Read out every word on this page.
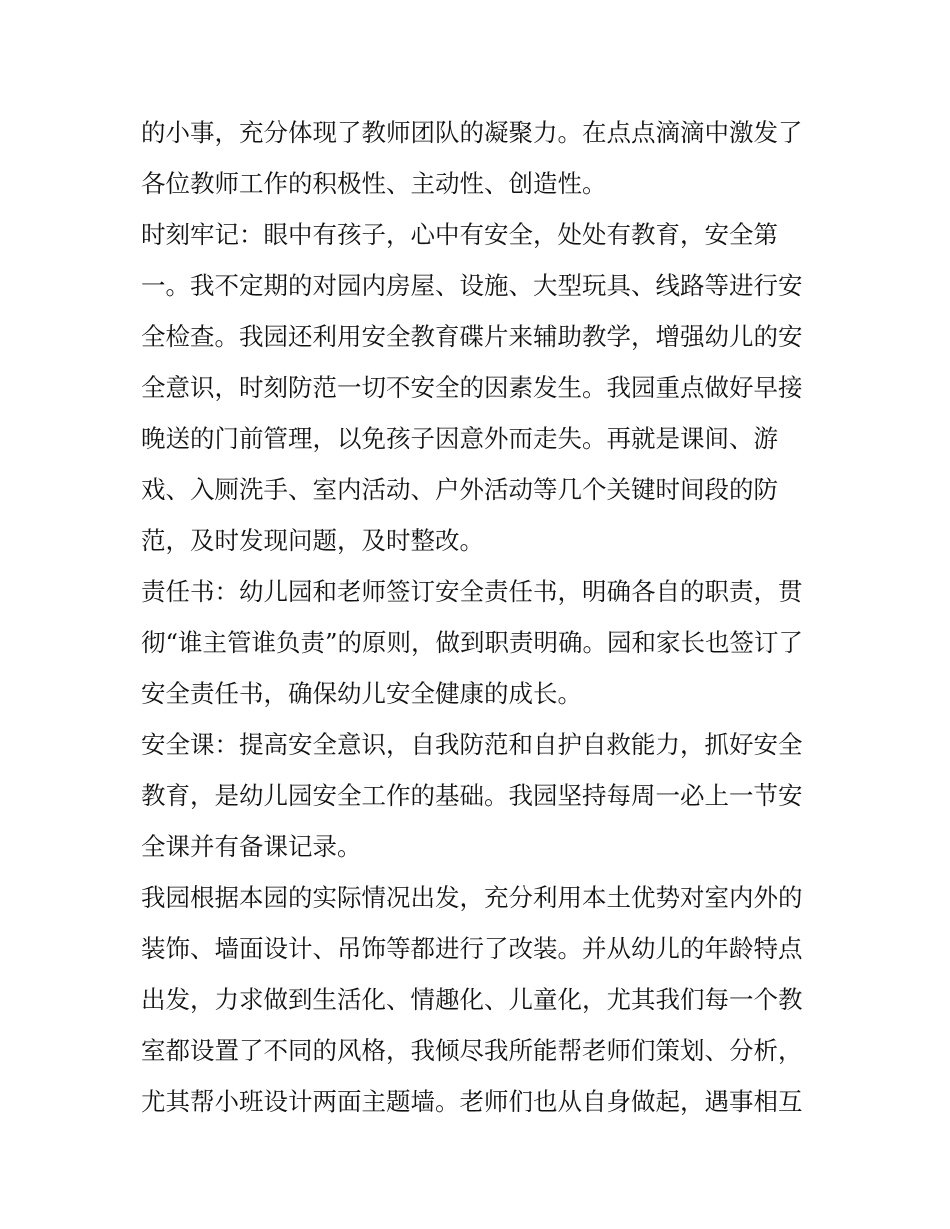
的小事，充分体现了教师团队的凝聚力。在点点滴滴中激发了
各位教师工作的积极性、主动性、创造性。
时刻牢记：眼中有孩子，心中有安全，处处有教育，安全第
一。我不定期的对园内房屋、设施、大型玩具、线路等进行安
全检查。我园还利用安全教育碟片来辅助教学，增强幼儿的安
全意识，时刻防范一切不安全的因素发生。我园重点做好早接
晚送的门前管理，以免孩子因意外而走失。再就是课间、游
戏、入厕洗手、室内活动、户外活动等几个关键时间段的防
范，及时发现问题，及时整改。
责任书：幼儿园和老师签订安全责任书，明确各自的职责，贯
彻“谁主管谁负责”的原则，做到职责明确。园和家长也签订了
安全责任书，确保幼儿安全健康的成长。
安全课：提高安全意识，自我防范和自护自救能力，抓好安全
教育，是幼儿园安全工作的基础。我园坚持每周一必上一节安
全课并有备课记录。
我园根据本园的实际情况出发，充分利用本土优势对室内外的
装饰、墙面设计、吊饰等都进行了改装。并从幼儿的年龄特点
出发，力求做到生活化、情趣化、儿童化，尤其我们每一个教
室都设置了不同的风格，我倾尽我所能帮老师们策划、分析，
尤其帮小班设计两面主题墙。老师们也从自身做起，遇事相互
